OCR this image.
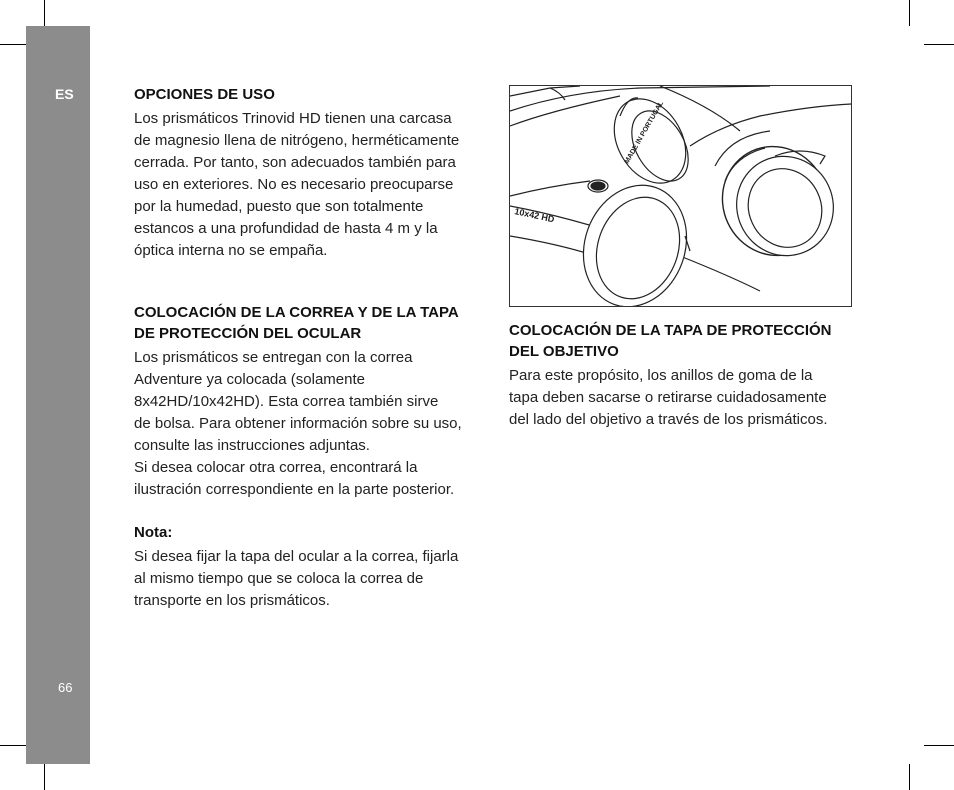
ES
66
OPCIONES DE USO

Los prismáticos Trinovid HD tienen una carcasa
de magnesio llena de nitrógeno, herméticamente
cerrada. Por tanto, son adecuados también para
uso en exteriores. No es necesario preocuparse
por la humedad, puesto que son totalmente
estancos a una profundidad de hasta 4 m y la
óptica interna no se empaña.

COLOCACIÓN DE LA CORREA Y DE LA TAPA
DE PROTECCIÓN DEL OCULAR

Los prismáticos se entregan con la correa
Adventure ya colocada (solamente
8x42HD/10x42HD). Esta correa también sirve
de bolsa. Para obtener información sobre su uso,
consulte las instrucciones adjuntas.
Si desea colocar otra correa, encontrará la
ilustración correspondiente en la parte posterior.

Nota:

Si desea fijar la tapa del ocular a la correa, fijarla
al mismo tiempo que se coloca la correa de
transporte en los prismáticos.

MADE IN PORTUGAL
10x42 HD
COLOCACIÓN DE LA TAPA DE PROTECCIÓN
DEL OBJETIVO

Para este propósito, los anillos de goma de la
tapa deben sacarse o retirarse cuidadosamente
del lado del objetivo a través de los prismáticos.
